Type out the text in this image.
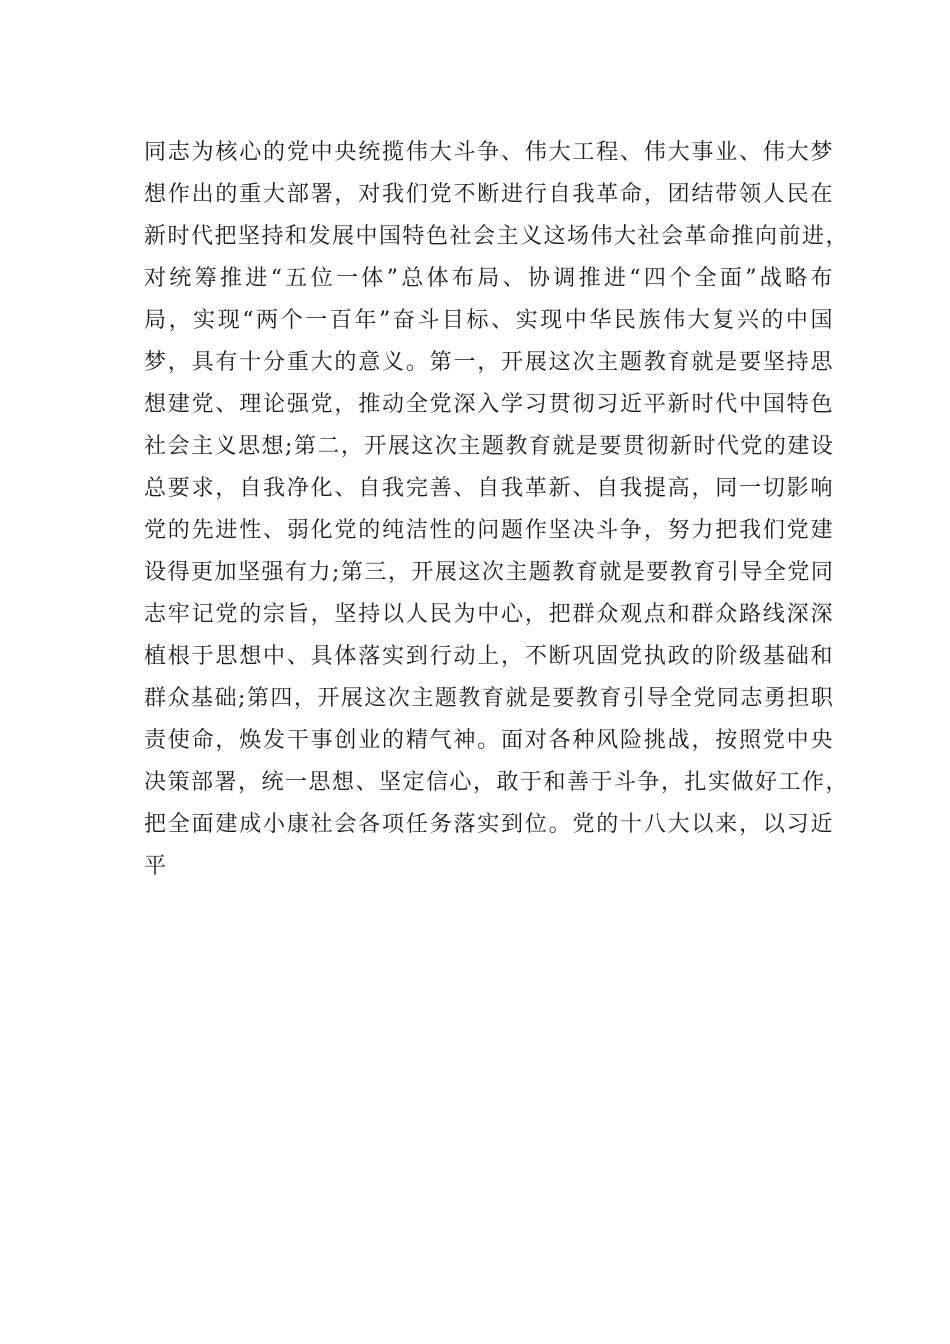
同志为核心的党中央统揽伟大斗争、伟大工程、伟大事业、伟大梦
想作出的重大部署，对我们党不断进行自我革命，团结带领人民在
新时代把坚持和发展中国特色社会主义这场伟大社会革命推向前进，
对统筹推进“五位一体”总体布局、协调推进“四个全面”战略布
局，实现“两个一百年”奋斗目标、实现中华民族伟大复兴的中国
梦，具有十分重大的意义。第一，开展这次主题教育就是要坚持思
想建党、理论强党，推动全党深入学习贯彻习近平新时代中国特色
社会主义思想;第二，开展这次主题教育就是要贯彻新时代党的建设
总要求，自我净化、自我完善、自我革新、自我提高，同一切影响
党的先进性、弱化党的纯洁性的问题作坚决斗争，努力把我们党建
设得更加坚强有力;第三，开展这次主题教育就是要教育引导全党同
志牢记党的宗旨，坚持以人民为中心，把群众观点和群众路线深深
植根于思想中、具体落实到行动上，不断巩固党执政的阶级基础和
群众基础;第四，开展这次主题教育就是要教育引导全党同志勇担职
责使命，焕发干事创业的精气神。面对各种风险挑战，按照党中央
决策部署，统一思想、坚定信心，敢于和善于斗争，扎实做好工作，
把全面建成小康社会各项任务落实到位。党的十八大以来，以习近
平
